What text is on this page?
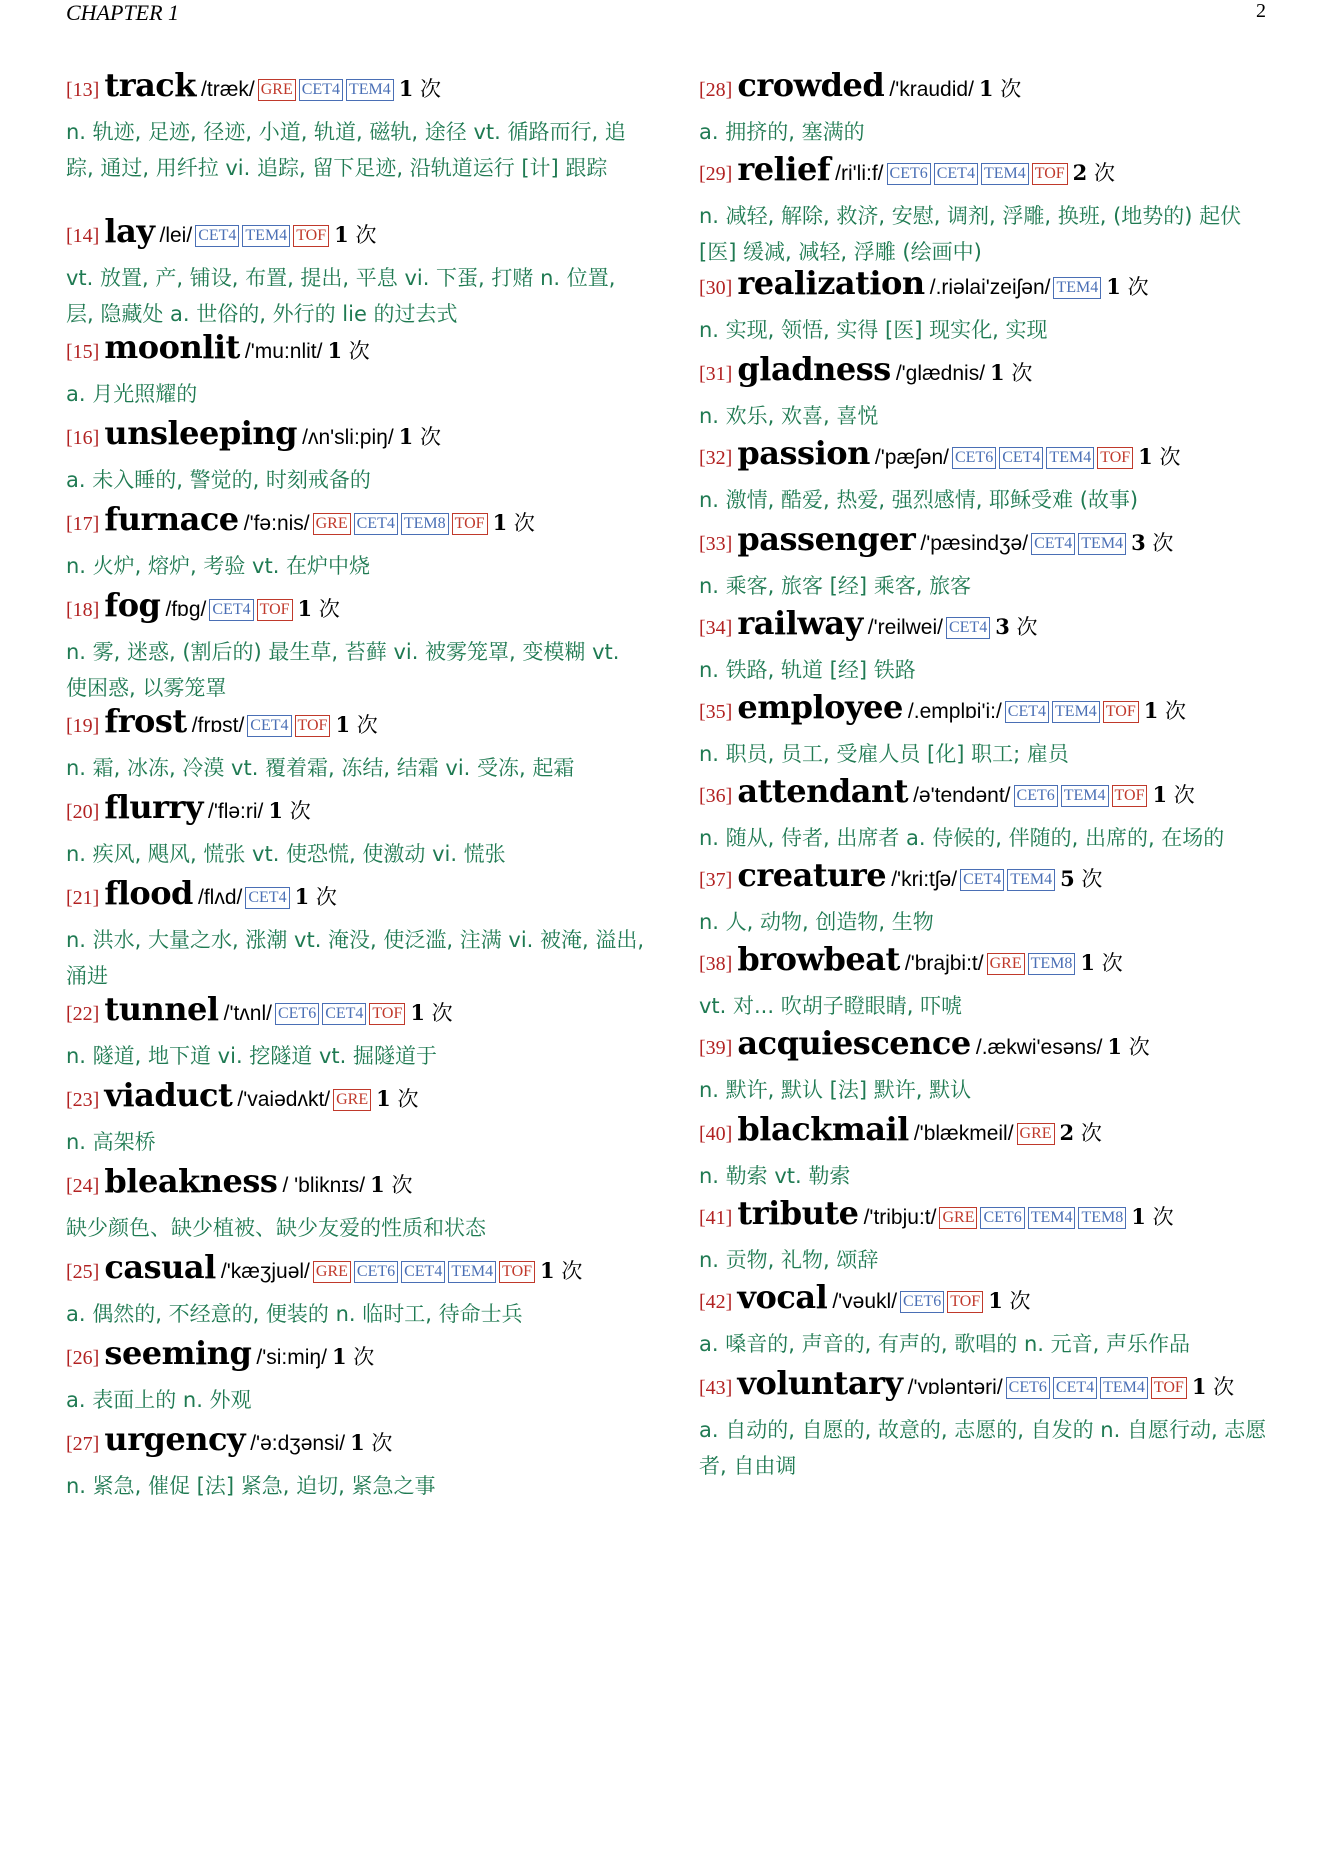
CHAPTER 1	2
[13] track /træk/ GRE CET4 TEM4 1 次
n. 轨迹, 足迹, 径迹, 小道, 轨道, 磁轨, 途径 vt. 循路而行, 追踪, 通过, 用纤拉 vi. 追踪, 留下足迹, 沿轨道运行 [计] 跟踪
[14] lay /lei/ CET4 TEM4 TOF 1 次
vt. 放置, 产, 铺设, 布置, 提出, 平息 vi. 下蛋, 打赌 n. 位置, 层, 隐藏处 a. 世俗的, 外行的 lie 的过去式
[15] moonlit /'mu:nlit/ 1 次
a. 月光照耀的
[16] unsleeping /ʌn'sli:piŋ/ 1 次
a. 未入睡的, 警觉的, 时刻戒备的
[17] furnace /'fə:nis/ GRE CET4 TEM8 TOF 1 次
n. 火炉, 熔炉, 考验 vt. 在炉中烧
[18] fog /fɒg/ CET4 TOF 1 次
n. 雾, 迷惑, (割后的) 最生草, 苔藓 vi. 被雾笼罩, 变模糊 vt. 使困惑, 以雾笼罩
[19] frost /frɒst/ CET4 TOF 1 次
n. 霜, 冰冻, 冷漠 vt. 覆着霜, 冻结, 结霜 vi. 受冻, 起霜
[20] flurry /'flə:ri/ 1 次
n. 疾风, 飓风, 慌张 vt. 使恐慌, 使激动 vi. 慌张
[21] flood /flʌd/ CET4 1 次
n. 洪水, 大量之水, 涨潮 vt. 淹没, 使泛滥, 注满 vi. 被淹, 溢出, 涌进
[22] tunnel /'tʌnl/ CET6 CET4 TOF 1 次
n. 隧道, 地下道 vi. 挖隧道 vt. 掘隧道于
[23] viaduct /'vaiədʌkt/ GRE 1 次
n. 高架桥
[24] bleakness / 'bliknɪs/ 1 次
缺少颜色、缺少植被、缺少友爱的性质和状态
[25] casual /'kæʒjuəl/ GRE CET6 CET4 TEM4 TOF 1 次
a. 偶然的, 不经意的, 便装的 n. 临时工, 待命士兵
[26] seeming /'si:miŋ/ 1 次
a. 表面上的 n. 外观
[27] urgency /'ə:dʒənsi/ 1 次
n. 紧急, 催促 [法] 紧急, 迫切, 紧急之事
[28] crowded /'kraudid/ 1 次
a. 拥挤的, 塞满的
[29] relief /ri'li:f/ CET6 CET4 TEM4 TOF 2 次
n. 减轻, 解除, 救济, 安慰, 调剂, 浮雕, 换班, (地势的) 起伏 [医] 缓减, 减轻, 浮雕 (绘画中)
[30] realization /.riəlai'zeiʃən/ TEM4 1 次
n. 实现, 领悟, 实得 [医] 现实化, 实现
[31] gladness /'glædnis/ 1 次
n. 欢乐, 欢喜, 喜悦
[32] passion /'pæʃən/ CET6 CET4 TEM4 TOF 1 次
n. 激情, 酷爱, 热爱, 强烈感情, 耶稣受难 (故事)
[33] passenger /'pæsindʒə/ CET4 TEM4 3 次
n. 乘客, 旅客 [经] 乘客, 旅客
[34] railway /'reilwei/ CET4 3 次
n. 铁路, 轨道 [经] 铁路
[35] employee /.emplɒi'i:/ CET4 TEM4 TOF 1 次
n. 职员, 员工, 受雇人员 [化] 职工; 雇员
[36] attendant /ə'tendənt/ CET6 TEM4 TOF 1 次
n. 随从, 侍者, 出席者 a. 侍候的, 伴随的, 出席的, 在场的
[37] creature /'kri:tʃə/ CET4 TEM4 5 次
n. 人, 动物, 创造物, 生物
[38] browbeat /'brajbi:t/ GRE TEM8 1 次
vt. 对... 吹胡子瞪眼睛, 吓唬
[39] acquiescence /.ækwi'esəns/ 1 次
n. 默许, 默认 [法] 默许, 默认
[40] blackmail /'blækmeil/ GRE 2 次
n. 勒索 vt. 勒索
[41] tribute /'tribju:t/ GRE CET6 TEM4 TEM8 1 次
n. 贡物, 礼物, 颂辞
[42] vocal /'vəukl/ CET6 TOF 1 次
a. 嗓音的, 声音的, 有声的, 歌唱的 n. 元音, 声乐作品
[43] voluntary /'vɒləntəri/ CET6 CET4 TEM4 TOF 1 次
a. 自动的, 自愿的, 故意的, 志愿的, 自发的 n. 自愿行动, 志愿者, 自由调
